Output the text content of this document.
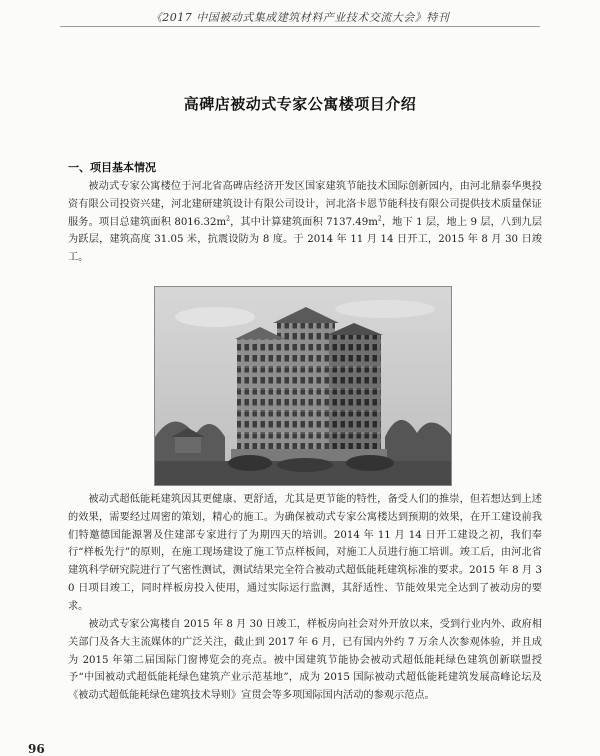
《2017 中国被动式集成建筑材料产业技术交流大会》特刊
高碑店被动式专家公寓楼项目介绍
一、项目基本情况

被动式专家公寓楼位于河北省高碑店经济开发区国家建筑节能技术国际创新园内，由河北鼎泰华奥投资有限公司投资兴建，河北建研建筑设计有限公司设计，河北洛卡恩节能科技有限公司提供技术质量保证服务。项目总建筑面积 $8016.32m^2$，其中计算建筑面积 $7137.49m^2$，地下 1 层，地上 9 层，八到九层为跃层，建筑高度 31.05 米，抗震设防为 8 度。于 2014 年 11 月 14 日开工，2015 年 8 月 30 日竣工。

被动式超低能耗建筑因其更健康、更舒适，尤其是更节能的特性，备受人们的推崇，但若想达到上述的效果，需要经过周密的策划，精心的施工。为确保被动式专家公寓楼达到预期的效果，在开工建设前我们特邀德国能源署及住建部专家进行了为期四天的培训。2014 年 11 月 14 日开工建设之初，我们奉行“样板先行”的原则，在施工现场建设了施工节点样板间，对施工人员进行施工培训。竣工后，由河北省建筑科学研究院进行了气密性测试，测试结果完全符合被动式超低能耗建筑标准的要求。2015 年 8 月 30 日项目竣工，同时样板房投入使用，通过实际运行监测，其舒适性、节能效果完全达到了被动房的要求。

被动式专家公寓楼自 2015 年 8 月 30 日竣工，样板房向社会对外开放以来，受到行业内外、政府相关部门及各大主流媒体的广泛关注，截止到 2017 年 6 月，已有国内外约 7 万余人次参观体验，并且成为 2015 年第二届国际门窗博览会的亮点。被中国建筑节能协会被动式超低能耗绿色建筑创新联盟授予“中国被动式超低能耗绿色建筑产业示范基地”，成为 2015 国际被动式超低能耗建筑发展高峰论坛及《被动式超低能耗绿色建筑技术导则》宣贯会等多项国际国内活动的参观示范点。

96
